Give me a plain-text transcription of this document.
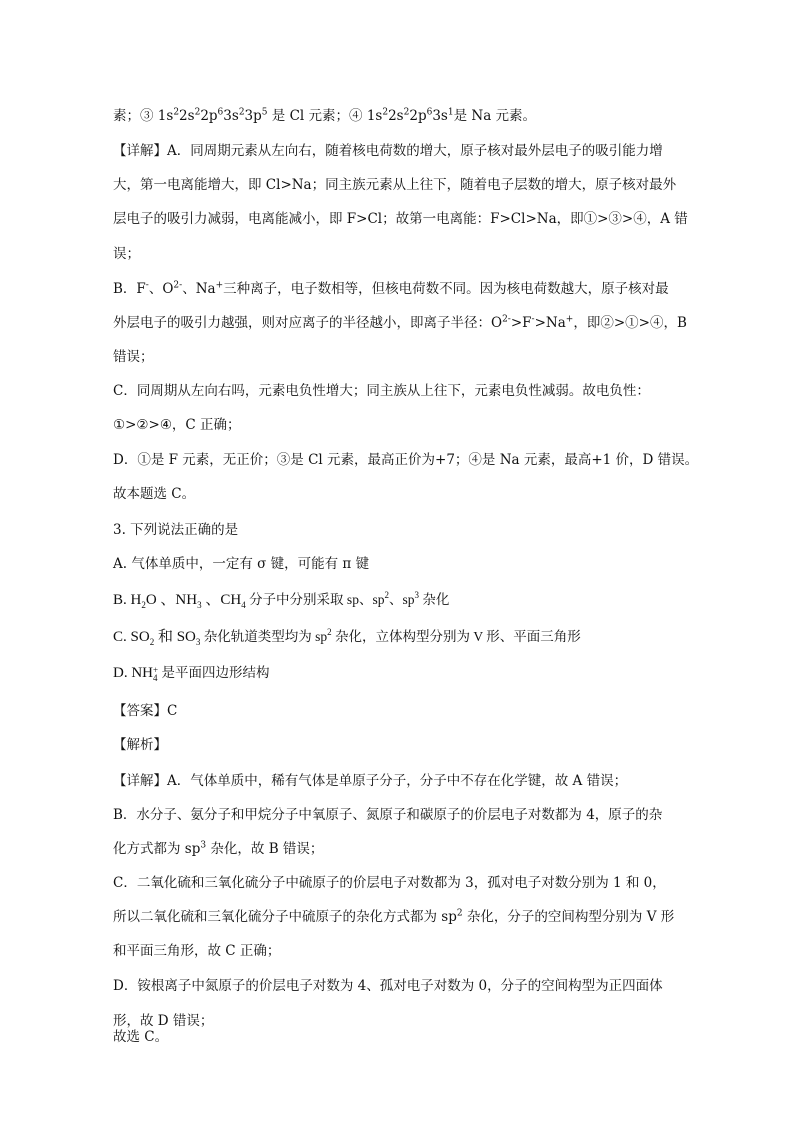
素；③ $1s^22s^22p^63s^23p^5$ 是 Cl 元素；④ $1s^22s^22p^63s^1$是 Na 元素。
【详解】A．同周期元素从左向右，随着核电荷数的增大，原子核对最外层电子的吸引能力增
大，第一电离能增大，即 Cl>Na；同主族元素从上往下，随着电子层数的增大，原子核对最外
层电子的吸引力减弱，电离能减小，即 F>Cl；故第一电离能：F>Cl>Na，即①>③>④，A 错
误；
B．F-、$O^{2-}$、Na+三种离子，电子数相等，但核电荷数不同。因为核电荷数越大，原子核对最
外层电子的吸引力越强，则对应离子的半径越小，即离子半径：$O^{2-}>F^->Na^+$，即②>①>④，B
错误；
C．同周期从左向右吗，元素电负性增大；同主族从上往下，元素电负性减弱。故电负性：
①>②>④，C 正确；
D．①是 F 元素，无正价；③是 Cl 元素，最高正价为+7；④是 Na 元素，最高+1 价，D 错误。
故本题选 C。
3. 下列说法正确的是
A. 气体单质中，一定有 σ 键，可能有 π 键
B. $H_2O$ 、$NH_3$ 、$CH_4$ 分子中分别采取 sp、$sp^2$、$sp^3$ 杂化
C. $SO_2$ 和 $SO_3$ 杂化轨道类型均为 $sp^2$ 杂化，立体构型分别为 V 形、平面三角形
D. NH +
4 是平面四边形结构
【答案】C
【解析】
【详解】A．气体单质中，稀有气体是单原子分子，分子中不存在化学键，故 A 错误；
B．水分子、氨分子和甲烷分子中氧原子、氮原子和碳原子的价层电子对数都为 4，原子的杂
化方式都为 $sp^3$ 杂化，故 B 错误；
C．二氧化硫和三氧化硫分子中硫原子的价层电子对数都为 3，孤对电子对数分别为 1 和 0，
所以二氧化硫和三氧化硫分子中硫原子的杂化方式都为 $sp^2$ 杂化，分子的空间构型分别为 V 形
和平面三角形，故 C 正确；
D．铵根离子中氮原子的价层电子对数为 4、孤对电子对数为 0，分子的空间构型为正四面体
形，故 D 错误；
故选 C。
